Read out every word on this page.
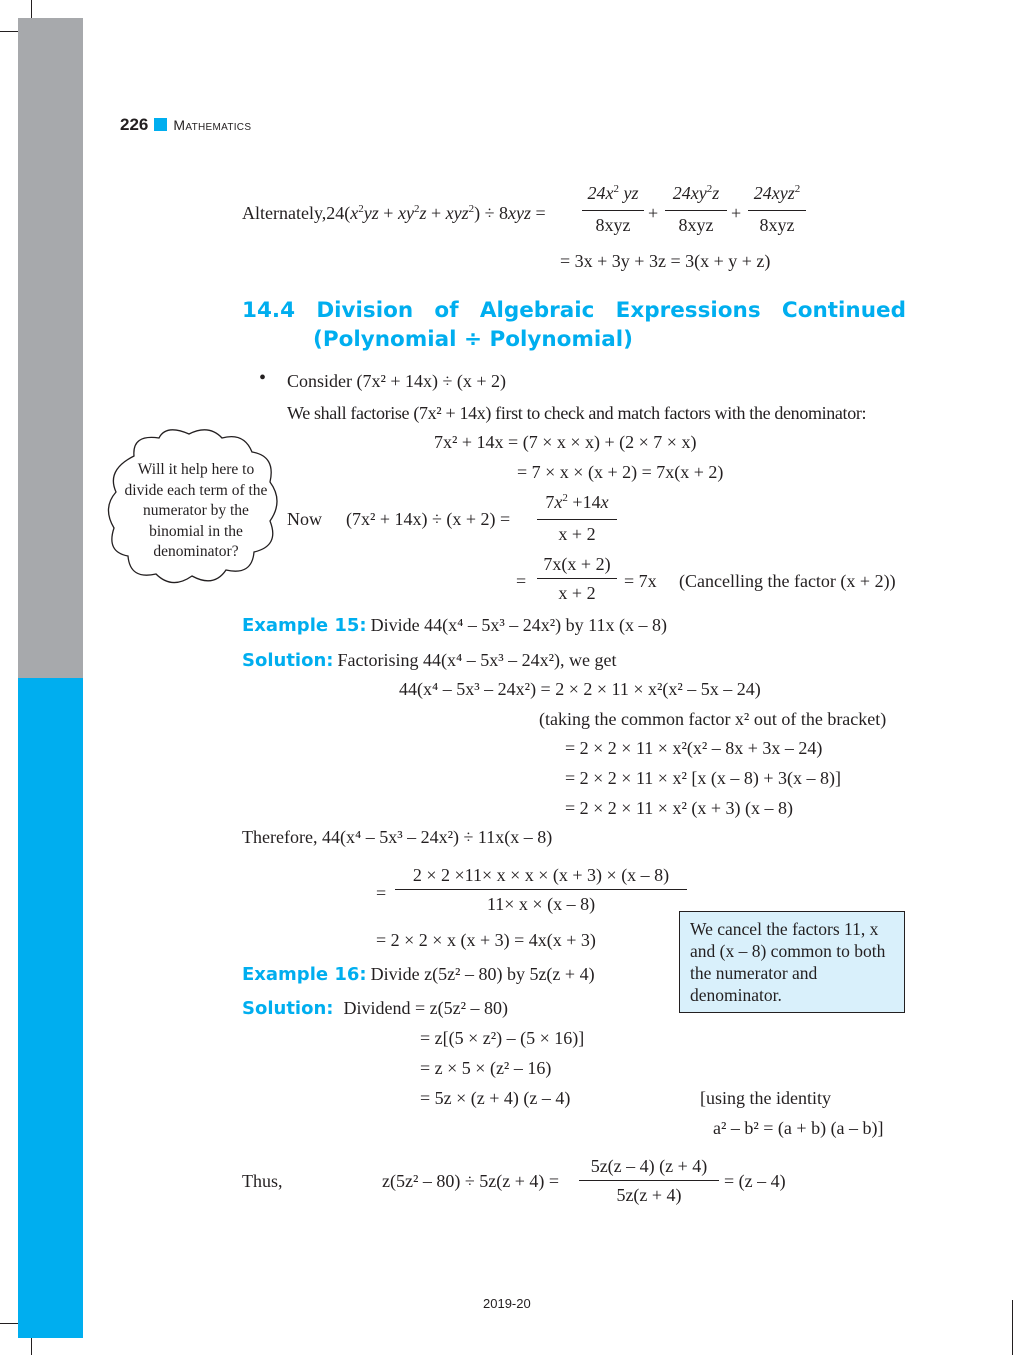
226 Mathematics
$Alternately,24(x^2yz + xy^2z + xyz^2) \div 8xyz$ =
$24x^2$ yz
8xyz
+
$24xy^2z$
8xyz
+
24xyz$^2$
8xyz
= 3x + 3y + 3z = 3(x + y + z)
14.4 Division of Algebraic Expressions Continued
(Polynomial ÷ Polynomial)
• Consider (7x² + 14x) ÷ (x + 2)
We shall factorise (7x² + 14x) first to check and match factors with the denominator:
7x² + 14x = (7 × x × x) + (2 × 7 × x)
= 7 × x × (x + 2) = 7x(x + 2)
Will it help here to divide each term of the numerator by the binomial in the denominator?
Now (7x² + 14x) ÷ (x + 2) =
$7x^2 +14x$
x + 2
=
7x(x + 2)
x + 2
= 7x (Cancelling the factor (x + 2))
Example 15: Divide 44(x⁴ – 5x³ – 24x²) by 11x (x – 8)
Solution: Factorising 44(x⁴ – 5x³ – 24x²), we get
44(x⁴ – 5x³ – 24x²) = 2 × 2 × 11 × x²(x² – 5x – 24)
(taking the common factor x² out of the bracket)
= 2 × 2 × 11 × x²(x² – 8x + 3x – 24)
= 2 × 2 × 11 × x² [x (x – 8) + 3(x – 8)]
= 2 × 2 × 11 × x² (x + 3) (x – 8)
Therefore, 44(x⁴ – 5x³ – 24x²) ÷ 11x(x – 8)
=
2 × 2 ×11× x × x × (x + 3) × (x – 8)
11× x × (x – 8)
= 2 × 2 × x (x + 3) = 4x(x + 3)
We cancel the factors 11, x and (x – 8) common to both the numerator and denominator.
Example 16: Divide z(5z² – 80) by 5z(z + 4)
Solution: Dividend = z(5z² – 80)
= z[(5 × z²) – (5 × 16)]
= z × 5 × (z² – 16)
= 5z × (z + 4) (z – 4)	[using the identity
a² – b² = (a + b) (a – b)]
Thus,	z(5z² – 80) ÷ 5z(z + 4) =
5z(z – 4) (z + 4)
5z(z + 4)
= (z – 4)
2019-20
